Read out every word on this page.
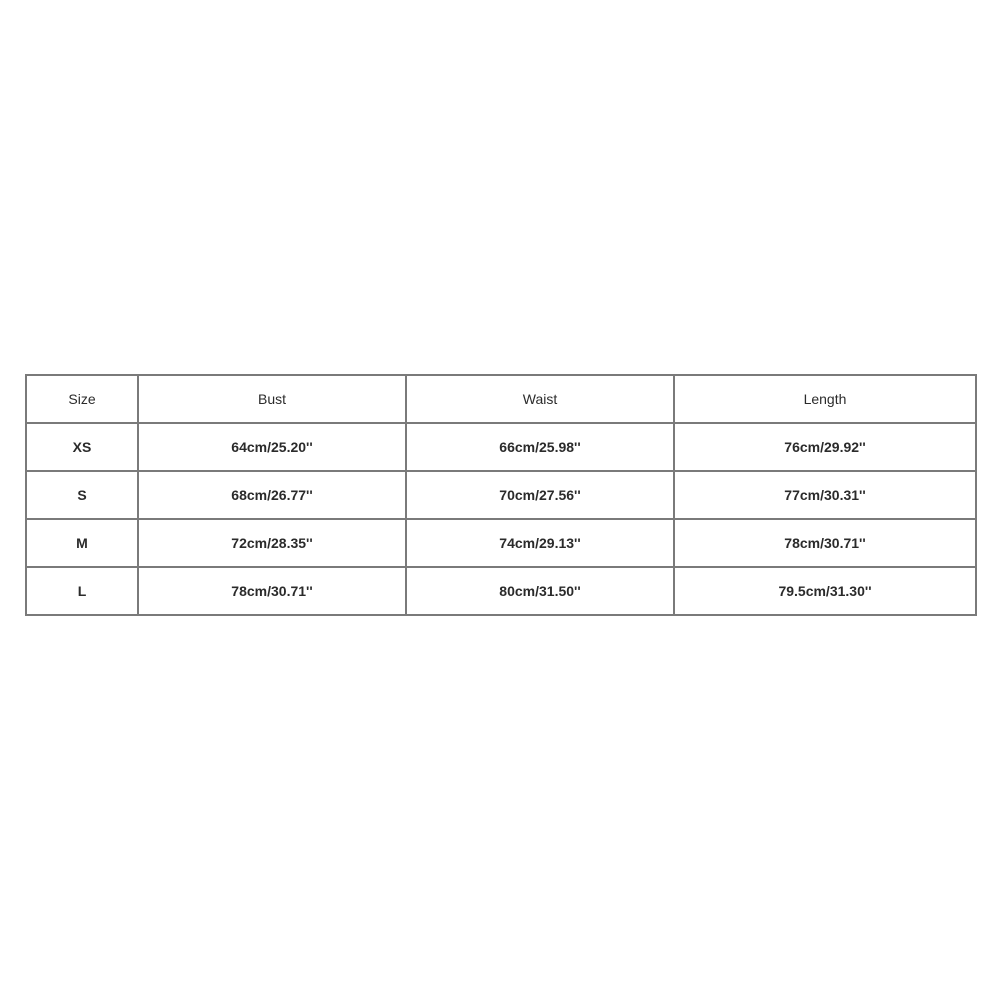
Size	Bust	Waist	Length
XS	64cm/25.20''	66cm/25.98''	76cm/29.92''
S	68cm/26.77''	70cm/27.56''	77cm/30.31''
M	72cm/28.35''	74cm/29.13''	78cm/30.71''
L	78cm/30.71''	80cm/31.50''	79.5cm/31.30''
